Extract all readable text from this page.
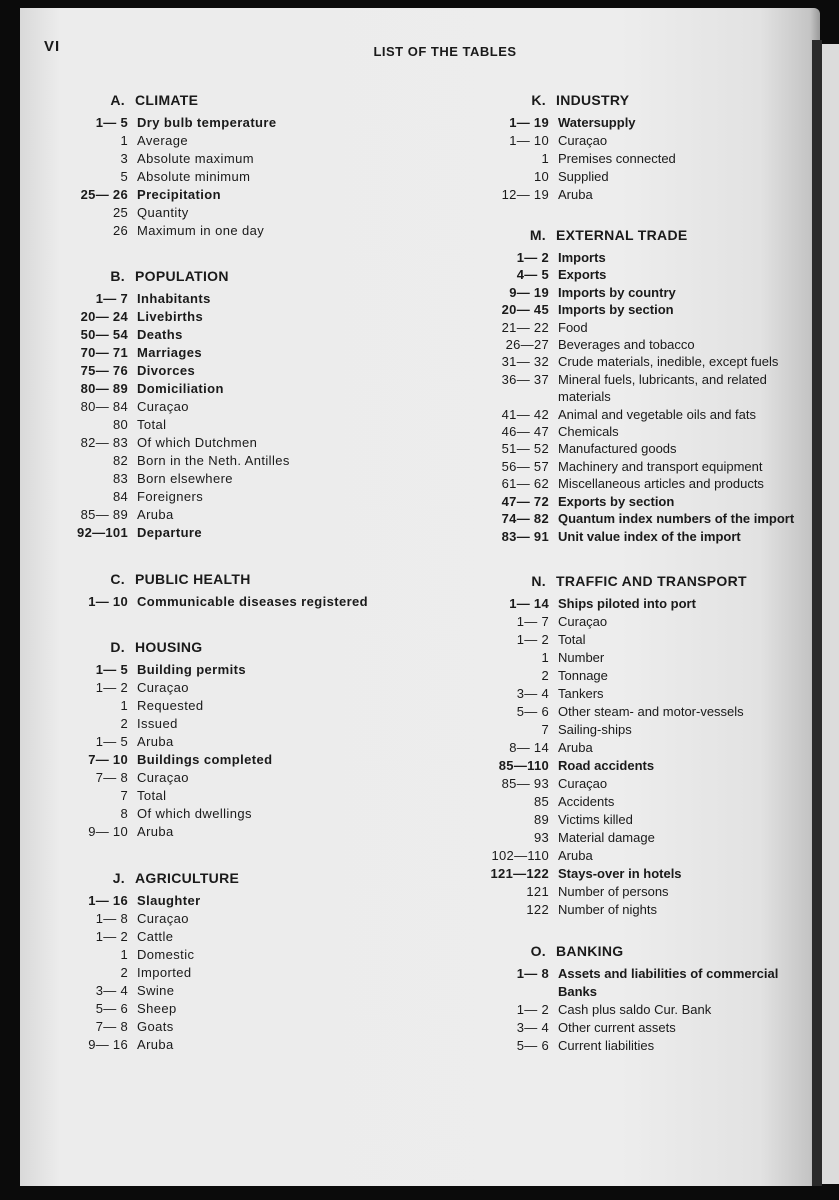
VI	LIST OF THE TABLES
A. CLIMATE
1— 5 Dry bulb temperature
1 Average
3 Absolute maximum
5 Absolute minimum
25— 26 Precipitation
25 Quantity
26 Maximum in one day
B. POPULATION
1— 7 Inhabitants
20— 24 Livebirths
50— 54 Deaths
70— 71 Marriages
75— 76 Divorces
80— 89 Domiciliation
80— 84 Curaçao
80 Total
82— 83 Of which Dutchmen
82 Born in the Neth. Antilles
83 Born elsewhere
84 Foreigners
85— 89 Aruba
92—101 Departure
C. PUBLIC HEALTH
1— 10 Communicable diseases registered
D. HOUSING
1— 5 Building permits
1— 2 Curaçao
1 Requested
2 Issued
1— 5 Aruba
7— 10 Buildings completed
7— 8 Curaçao
7 Total
8 Of which dwellings
9— 10 Aruba
J. AGRICULTURE
1— 16 Slaughter
1— 8 Curaçao
1— 2 Cattle
1 Domestic
2 Imported
3— 4 Swine
5— 6 Sheep
7— 8 Goats
9— 16 Aruba
K. INDUSTRY
1— 19 Watersupply
1— 10 Curaçao
1 Premises connected
10 Supplied
12— 19 Aruba
M. EXTERNAL TRADE
1— 2 Imports
4— 5 Exports
9— 19 Imports by country
20— 45 Imports by section
21— 22 Food
26—27 Beverages and tobacco
31— 32 Crude materials, inedible, except fuels
36— 37 Mineral fuels, lubricants, and related
materials
41— 42 Animal and vegetable oils and fats
46— 47 Chemicals
51— 52 Manufactured goods
56— 57 Machinery and transport equipment
61— 62 Miscellaneous articles and products
47— 72 Exports by section
74— 82 Quantum index numbers of the import
83— 91 Unit value index of the import
N. TRAFFIC AND TRANSPORT
1— 14 Ships piloted into port
1— 7 Curaçao
1— 2 Total
1 Number
2 Tonnage
3— 4 Tankers
5— 6 Other steam- and motor-vessels
7 Sailing-ships
8— 14 Aruba
85—110 Road accidents
85— 93 Curaçao
85 Accidents
89 Victims killed
93 Material damage
102—110 Aruba
121—122 Stays-over in hotels
121 Number of persons
122 Number of nights
O. BANKING
1— 8 Assets and liabilities of commercial
Banks
1— 2 Cash plus saldo Cur. Bank
3— 4 Other current assets
5— 6 Current liabilities
